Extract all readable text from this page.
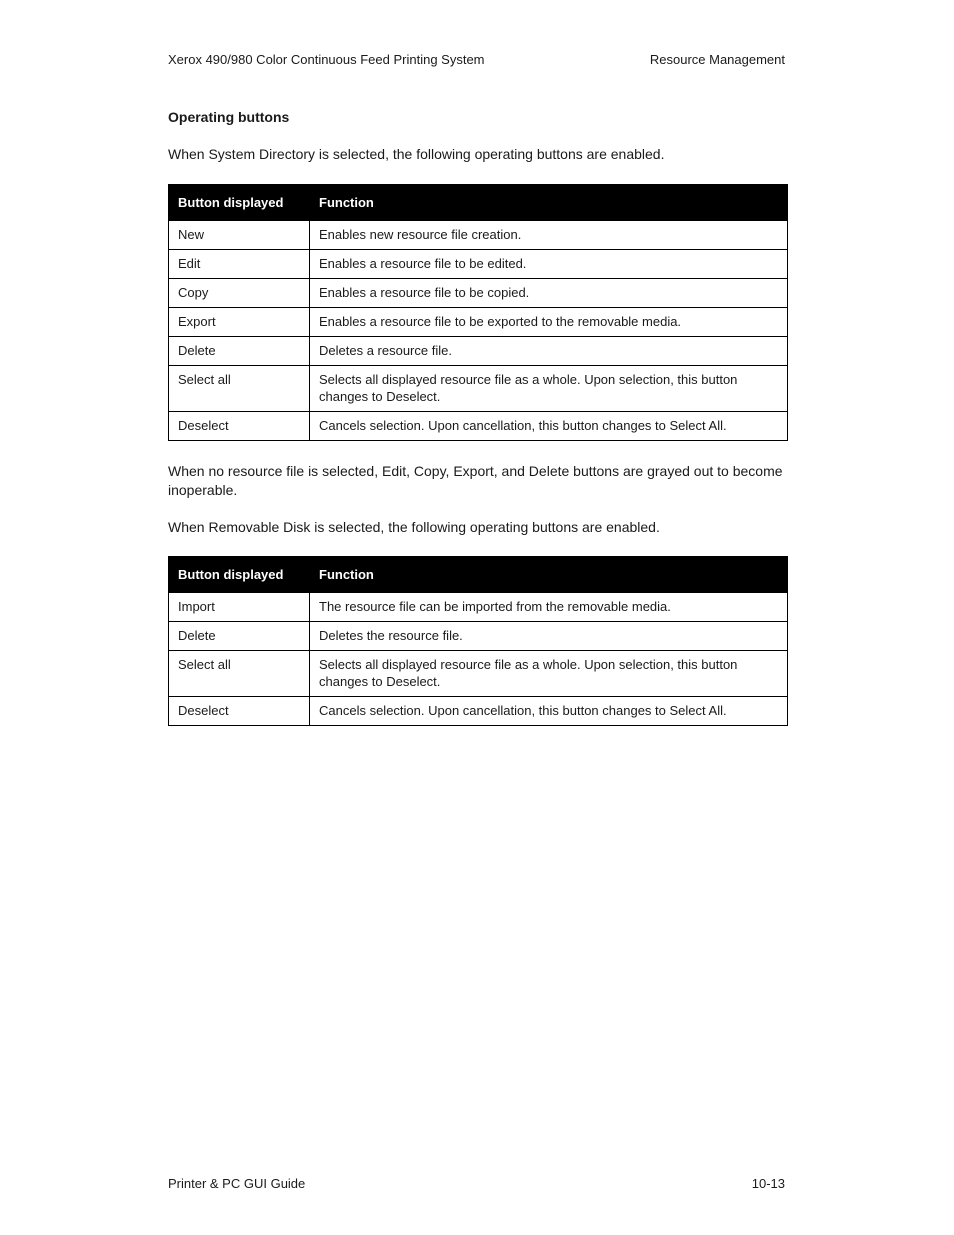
Xerox 490/980 Color Continuous Feed Printing System	Resource Management
Operating buttons
When System Directory is selected, the following operating buttons are enabled.
Button displayed	Function
New	Enables new resource file creation.
Edit	Enables a resource file to be edited.
Copy	Enables a resource file to be copied.
Export	Enables a resource file to be exported to the removable media.
Delete	Deletes a resource file.
Select all	Selects all displayed resource file as a whole. Upon selection, this button changes to Deselect.
Deselect	Cancels selection. Upon cancellation, this button changes to Select All.
When no resource file is selected, Edit, Copy, Export, and Delete buttons are grayed out to become inoperable.
When Removable Disk is selected, the following operating buttons are enabled.
Button displayed	Function
Import	The resource file can be imported from the removable media.
Delete	Deletes the resource file.
Select all	Selects all displayed resource file as a whole. Upon selection, this button changes to Deselect.
Deselect	Cancels selection. Upon cancellation, this button changes to Select All.
Printer & PC GUI Guide	10-13
